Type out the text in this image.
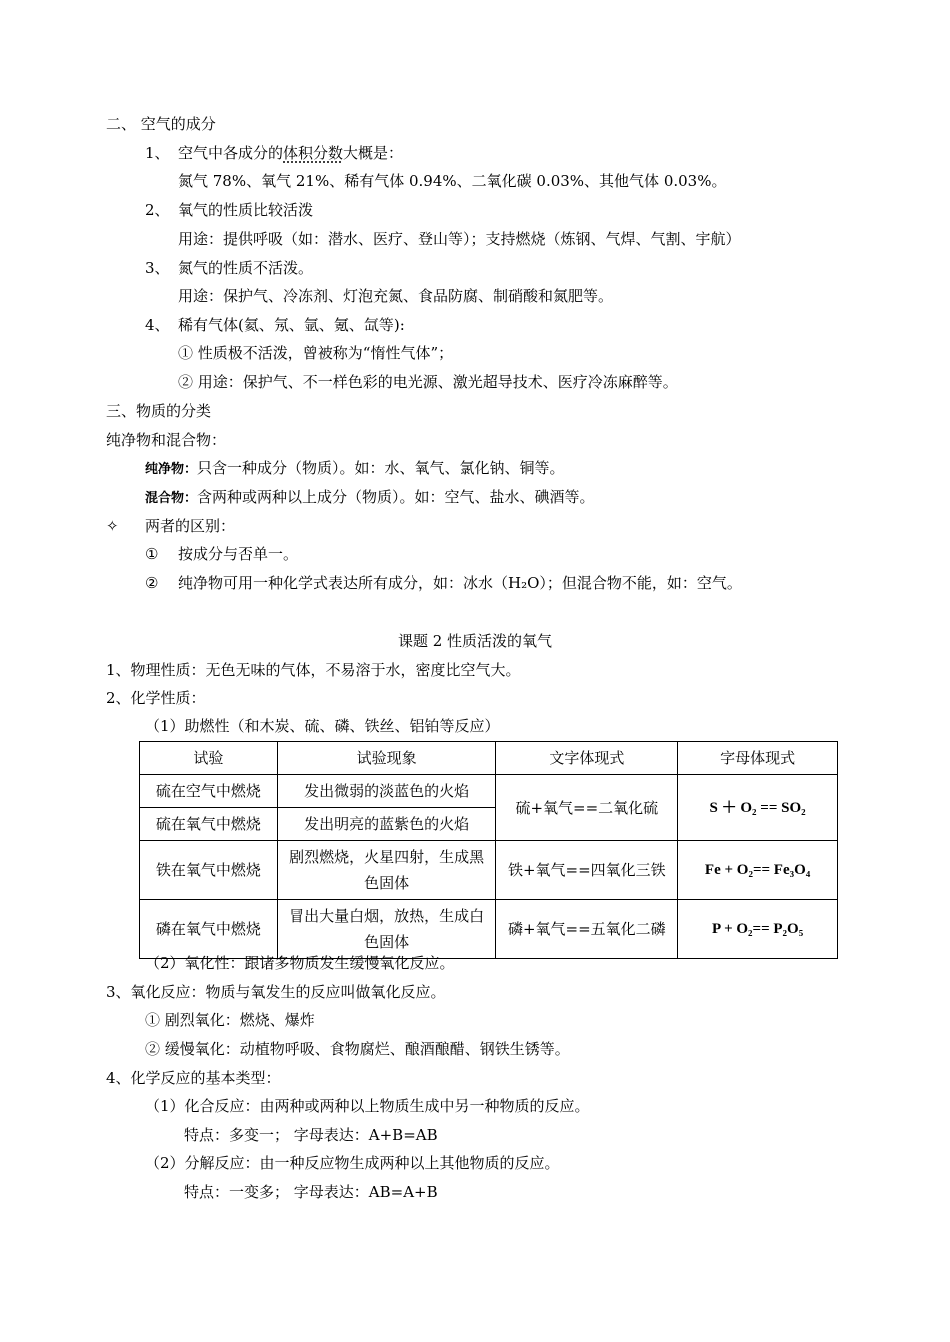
二、 空气的成分
1、 空气中各成分的体积分数大概是：
氮气 78%、氧气 21%、稀有气体 0.94%、二氧化碳 0.03%、其他气体 0.03%。
2、 氧气的性质比较活泼
用途：提供呼吸（如：潜水、医疗、登山等）；支持燃烧（炼钢、气焊、气割、宇航）
3、 氮气的性质不活泼。
用途：保护气、冷冻剂、灯泡充氮、食品防腐、制硝酸和氮肥等。
4、 稀有气体(氦、氖、氩、氪、氙等):
① 性质极不活泼，曾被称为“惰性气体”；
② 用途：保护气、不一样色彩的电光源、激光超导技术、医疗冷冻麻醉等。
三、物质的分类
纯净物和混合物：
纯净物：只含一种成分（物质）。如：水、氧气、氯化钠、铜等。
混合物：含两种或两种以上成分（物质）。如：空气、盐水、碘酒等。
✧ 两者的区别：
① 按成分与否单一。
② 纯净物可用一种化学式表达所有成分，如：冰水（H₂O）；但混合物不能，如：空气。
课题 2 性质活泼的氧气
1、物理性质：无色无味的气体，不易溶于水，密度比空气大。
2、化学性质：
（1）助燃性（和木炭、硫、磷、铁丝、铝铂等反应）
试验	试验现象	文字体现式	字母体现式
硫在空气中燃烧	发出微弱的淡蓝色的火焰	硫+氧气==二氧化硫	S ＋ O₂ == SO₂
硫在氧气中燃烧	发出明亮的蓝紫色的火焰		
铁在氧气中燃烧	剧烈燃烧，火星四射，生成黑色固体	铁+氧气==四氧化三铁	Fe + O₂== Fe₃O₄
磷在氧气中燃烧	冒出大量白烟，放热，生成白色固体	磷+氧气==五氧化二磷	P + O₂== P₂O₅
（2）氧化性：跟诸多物质发生缓慢氧化反应。
3、氧化反应：物质与氧发生的反应叫做氧化反应。
① 剧烈氧化：燃烧、爆炸
② 缓慢氧化：动植物呼吸、食物腐烂、酿酒酿醋、钢铁生锈等。
4、化学反应的基本类型：
（1）化合反应：由两种或两种以上物质生成中另一种物质的反应。
特点：多变一； 字母表达：A+B=AB
（2）分解反应：由一种反应物生成两种以上其他物质的反应。
特点：一变多； 字母表达：AB=A+B
